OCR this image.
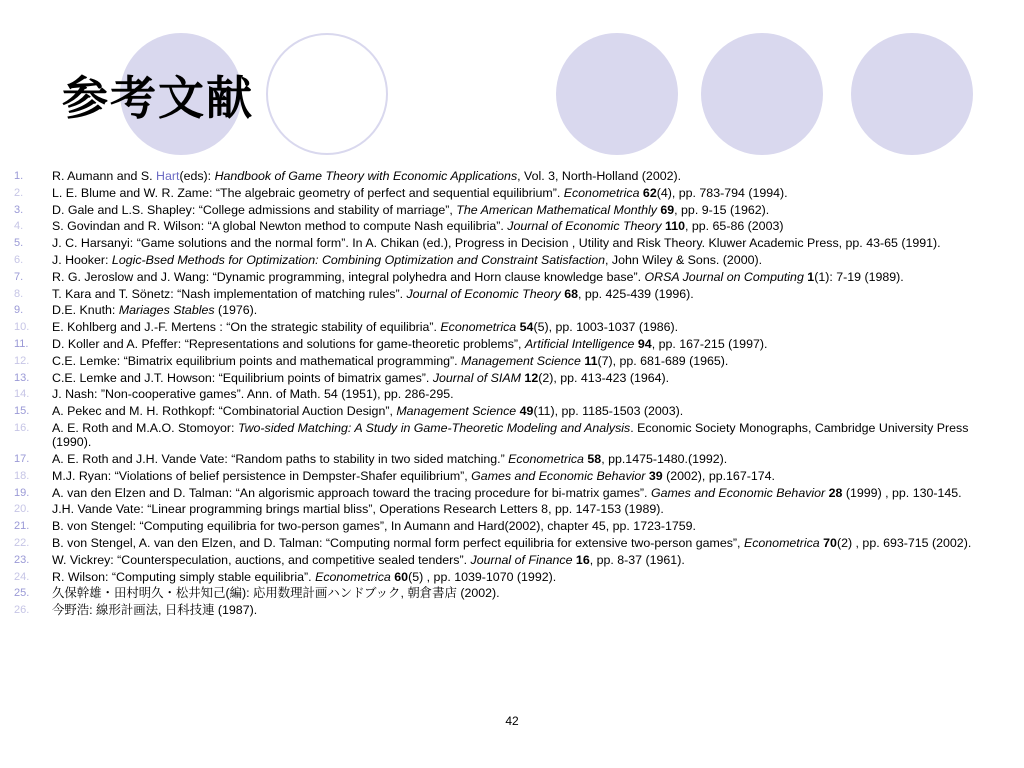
参考文献
1.	R. Aumann and S. Hart(eds): Handbook of Game Theory with Economic Applications, Vol. 3, North-Holland (2002).
2.	L. E. Blume and W. R. Zame: “The algebraic geometry of perfect and sequential equilibrium”. Econometrica 62(4), pp. 783-794 (1994).
3.	D. Gale and L.S. Shapley: “College admissions and stability of marriage”, The American Mathematical Monthly 69, pp. 9-15 (1962).
4.	S. Govindan and R. Wilson: “A global Newton method to compute Nash equilibria”. Journal of Economic Theory 110, pp. 65-86 (2003)
5.	J. C. Harsanyi: “Game solutions and the normal form”. In A. Chikan (ed.), Progress in Decision , Utility and Risk Theory. Kluwer Academic Press, pp. 43-65 (1991).
6.	J. Hooker: Logic-Bsed Methods for Optimization: Combining Optimization and Constraint Satisfaction, John Wiley & Sons. (2000).
7.	R. G. Jeroslow and J. Wang: “Dynamic programming, integral polyhedra and Horn clause knowledge base”. ORSA Journal on Computing 1(1): 7-19 (1989).
8.	T. Kara and T. Sönetz: “Nash implementation of matching rules”. Journal of Economic Theory 68, pp. 425-439 (1996).
9.	D.E. Knuth: Mariages Stables (1976).
10.	E. Kohlberg and J.-F. Mertens : “On the strategic stability of equilibria”. Econometrica 54(5), pp. 1003-1037 (1986).
11.	D. Koller and A. Pfeffer: “Representations and solutions for game-theoretic problems”, Artificial Intelligence 94, pp. 167-215 (1997).
12.	C.E. Lemke: “Bimatrix equilibrium points and mathematical programming”. Management Science 11(7), pp. 681-689 (1965).
13.	C.E. Lemke and J.T. Howson: “Equilibrium points of bimatrix games”. Journal of SIAM 12(2), pp. 413-423 (1964).
14.	J. Nash: ”Non-cooperative games”. Ann. of Math. 54 (1951), pp. 286-295.
15.	A. Pekec and M. H. Rothkopf: “Combinatorial Auction Design”, Management Science 49(11), pp. 1185-1503 (2003).
16.	A. E. Roth and M.A.O. Stomoyor: Two-sided Matching: A Study in Game-Theoretic Modeling and Analysis. Economic Society Monographs, Cambridge University Press (1990).
17.	A. E. Roth and J.H. Vande Vate: “Random paths to stability in two sided matching.” Econometrica 58, pp.1475-1480.(1992).
18.	M.J. Ryan: “Violations of belief persistence in Dempster-Shafer equilibrium”, Games and Economic Behavior 39 (2002), pp.167-174.
19.	A. van den Elzen and D. Talman: “An algorismic approach toward the tracing procedure for bi-matrix games”. Games and Economic Behavior 28 (1999) , pp. 130-145.
20.	J.H. Vande Vate: “Linear programming brings martial bliss”, Operations Research Letters 8, pp. 147-153 (1989).
21.	B. von Stengel: “Computing equilibria for two-person games”, In Aumann and Hard(2002), chapter 45, pp. 1723-1759.
22.	B. von Stengel, A. van den Elzen, and D. Talman: “Computing normal form perfect equilibria for extensive two-person games”, Econometrica 70(2) , pp. 693-715 (2002).
23.	W. Vickrey: “Counterspeculation, auctions, and competitive sealed tenders”. Journal of Finance 16, pp. 8-37 (1961).
24.	R. Wilson: “Computing simply stable equilibria”. Econometrica 60(5) , pp. 1039-1070 (1992).
25.	久保幹雄・田村明久・松井知己(編): 応用数理計画ハンドブック, 朝倉書店 (2002).
26.	今野浩: 線形計画法, 日科技連 (1987).
42
